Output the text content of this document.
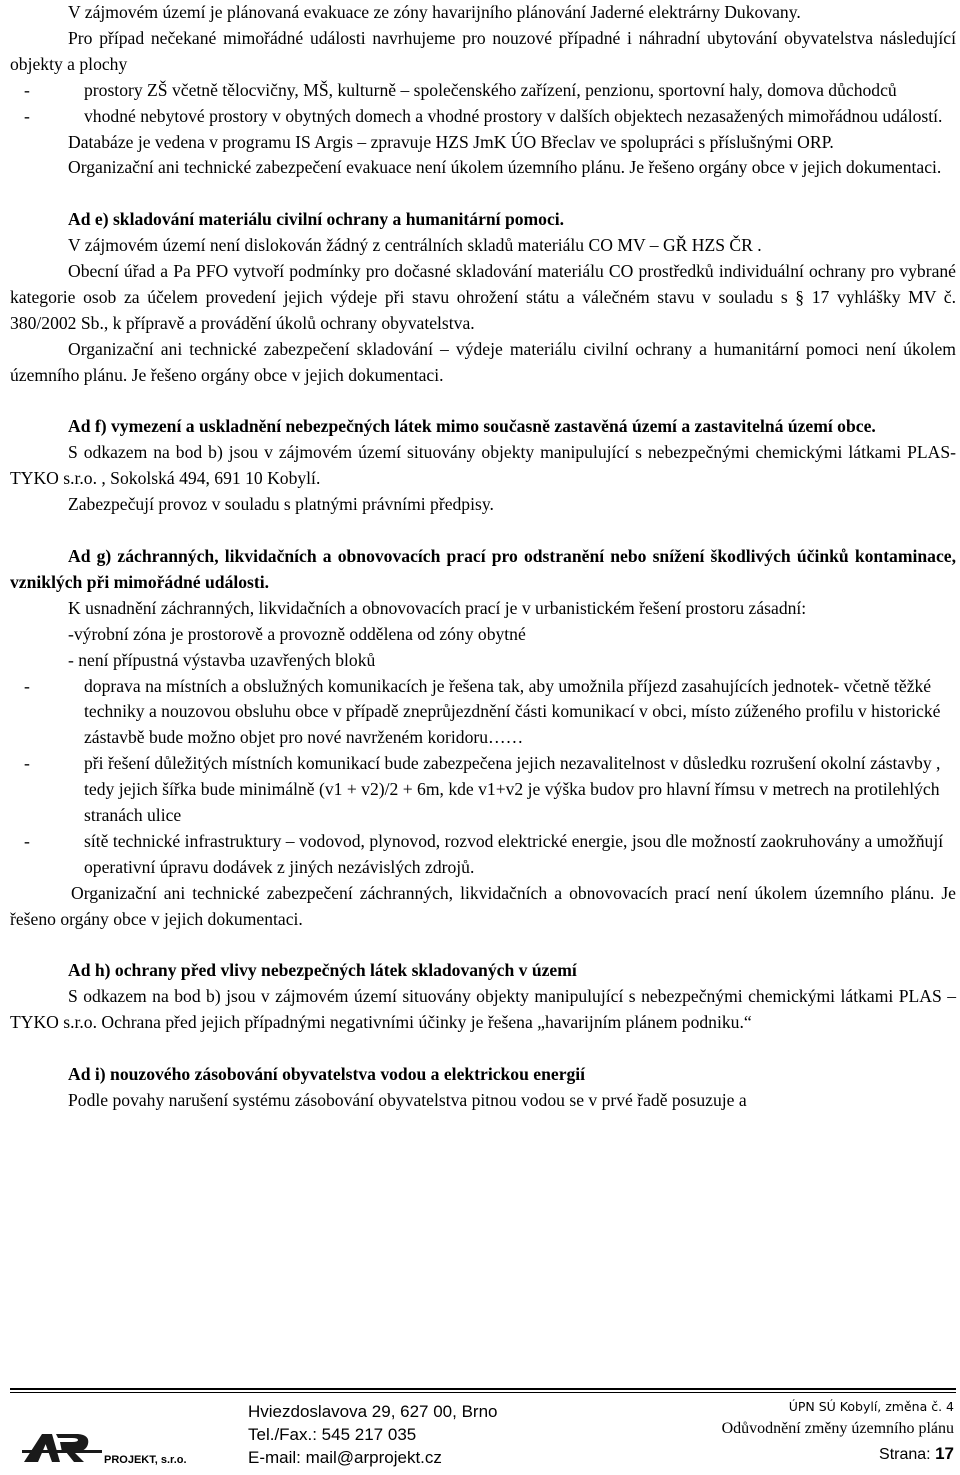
V zájmovém území je plánovaná evakuace ze zóny havarijního plánování Jaderné elektrárny Dukovany.

Pro případ nečekané mimořádné události navrhujeme pro nouzové případné i náhradní ubytování obyvatelstva následující objekty a plochy

-	prostory ZŠ včetně tělocvičny, MŠ, kulturně – společenského zařízení, penzionu, sportovní haly, domova důchodců
-	vhodné nebytové prostory v obytných domech a vhodné prostory v dalších objektech nezasažených mimořádnou událostí.

Databáze je vedena v programu IS Argis – zpravuje HZS JmK ÚO Břeclav ve spolupráci s příslušnými ORP.

Organizační ani technické zabezpečení evakuace není úkolem územního plánu. Je řešeno orgány obce v jejich dokumentaci.

Ad e) skladování materiálu civilní ochrany a humanitární pomoci.

V zájmovém území není dislokován žádný z centrálních skladů materiálu CO MV – GŘ HZS ČR .

Obecní úřad a Pa PFO vytvoří podmínky pro dočasné skladování materiálu CO prostředků individuální ochrany pro vybrané kategorie osob za účelem provedení jejich výdeje při stavu ohrožení státu a válečném stavu v souladu s § 17 vyhlášky MV č. 380/2002 Sb., k přípravě a provádění úkolů ochrany obyvatelstva.

Organizační ani technické zabezpečení skladování – výdeje materiálu civilní ochrany a humanitární pomoci není úkolem územního plánu. Je řešeno orgány obce v jejich dokumentaci.

Ad f) vymezení a uskladnění nebezpečných látek mimo současně zastavěná území a zastavitelná území obce.

S odkazem na bod b) jsou v zájmovém území situovány objekty manipulující s nebezpečnými chemickými látkami PLAS-TYKO s.r.o. , Sokolská 494, 691 10 Kobylí.

Zabezpečují provoz v souladu s platnými právními předpisy.

Ad g) záchranných, likvidačních a obnovovacích prací pro odstranění nebo snížení škodlivých účinků kontaminace, vzniklých při mimořádné události.

K usnadnění záchranných, likvidačních a obnovovacích prací je v urbanistickém řešení prostoru zásadní:

-výrobní zóna je prostorově a provozně oddělena od zóny obytné

- není přípustná výstavba uzavřených bloků

-	doprava na místních a obslužných komunikacích je řešena tak, aby umožnila příjezd zasahujících jednotek- včetně těžké techniky a nouzovou obsluhu obce v případě zneprůjezdnění části komunikací v obci, místo zúženého profilu v historické zástavbě bude možno objet pro nové navrženém koridoru……
-	při řešení důležitých místních komunikací bude zabezpečena jejich nezavalitelnost v důsledku rozrušení okolní zástavby , tedy jejich šířka bude minimálně (v1 + v2)/2 + 6m, kde v1+v2 je výška budov pro hlavní římsu v metrech na protilehlých stranách ulice
-	sítě technické infrastruktury – vodovod, plynovod, rozvod elektrické energie, jsou dle možností zaokruhovány a umožňují operativní úpravu dodávek z jiných nezávislých zdrojů.

Organizační ani technické zabezpečení záchranných, likvidačních a obnovovacích prací není úkolem územního plánu. Je řešeno orgány obce v jejich dokumentaci.

Ad h) ochrany před vlivy nebezpečných látek skladovaných v území

S odkazem na bod b) jsou v zájmovém území situovány objekty manipulující s nebezpečnými chemickými látkami PLAS – TYKO s.r.o. Ochrana před jejich případnými negativními účinky je řešena „havarijním plánem podniku.“

Ad i) nouzového zásobování obyvatelstva vodou a elektrickou energií

Podle povahy narušení systému zásobování obyvatelstva pitnou vodou se v prvé řadě posuzuje a

PROJEKT, s.r.o.
Hviezdoslavova 29, 627 00, Brno
Tel./Fax.: 545 217 035
E-mail: mail@arprojekt.cz
ÚPN SÚ Kobylí, změna č. 4
Odůvodnění změny územního plánu
Strana: 17
